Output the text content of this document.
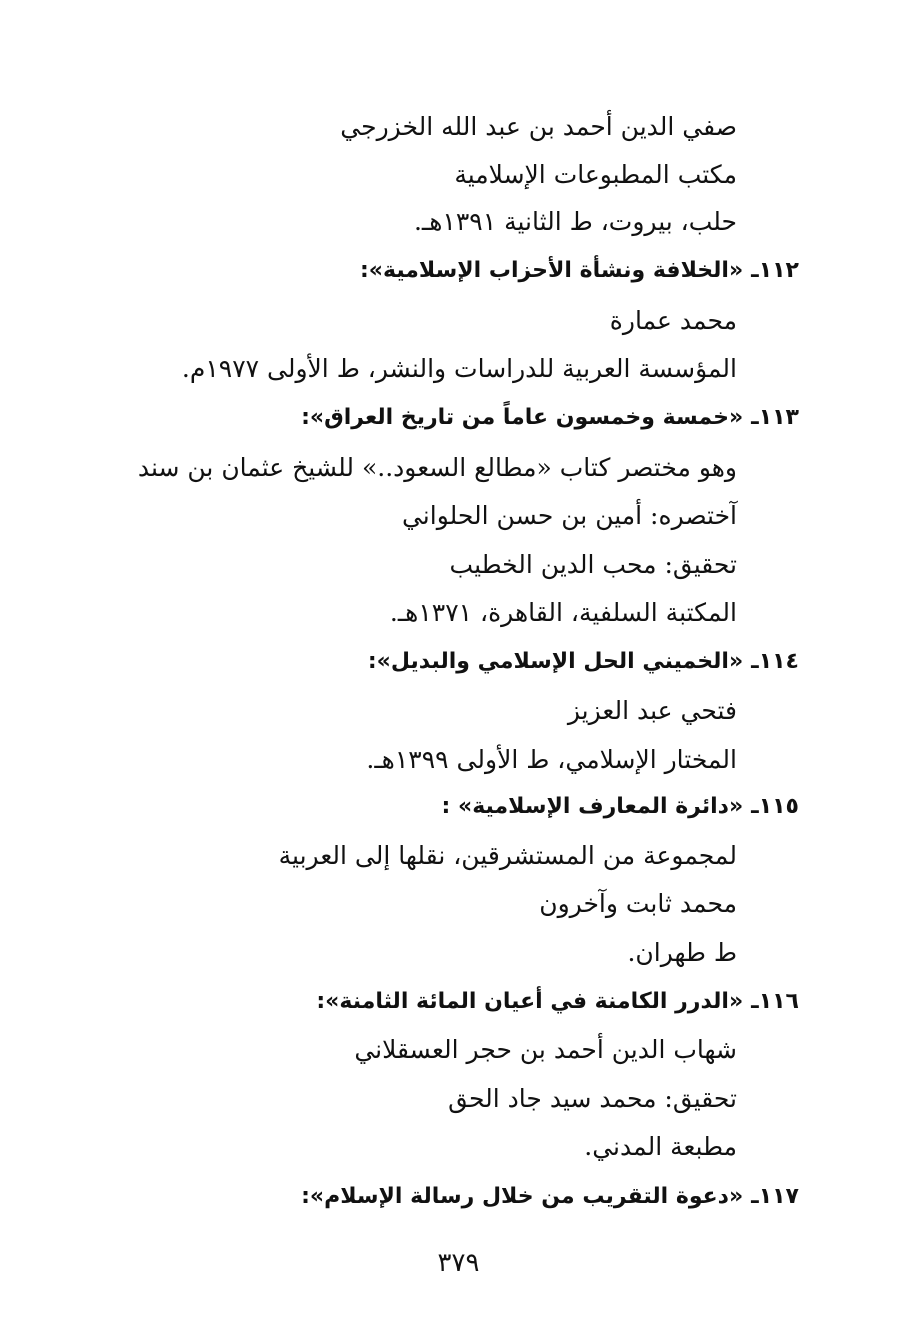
صفي الدين أحمد بن عبد الله الخزرجي
مكتب المطبوعات الإسلامية
حلب، بيروت، ط الثانية ١٣٩١هـ.
١١٢ـ«الخلافة ونشأة الأحزاب الإسلامية»:
محمد عمارة
المؤسسة العربية للدراسات والنشر، ط الأولى ١٩٧٧م.
١١٣ـ«خمسة وخمسون عاماً من تاريخ العراق»:
وهو مختصر كتاب «مطالع السعود..» للشيخ عثمان بن سند
آختصره: أمين بن حسن الحلواني
تحقيق: محب الدين الخطيب
المكتبة السلفية، القاهرة، ١٣٧١هـ.
١١٤ـ«الخميني الحل الإسلامي والبديل»:
فتحي عبد العزيز
المختار الإسلامي، ط الأولى ١٣٩٩هـ.
١١٥ـ«دائرة المعارف الإسلامية» :
لمجموعة من المستشرقين، نقلها إلى العربية
محمد ثابت وآخرون
ط طهران.
١١٦ـ«الدرر الكامنة في أعيان المائة الثامنة»:
شهاب الدين أحمد بن حجر العسقلاني
تحقيق: محمد سيد جاد الحق
مطبعة المدني.
١١٧ـ«دعوة التقريب من خلال رسالة الإسلام»:
٣٧٩
